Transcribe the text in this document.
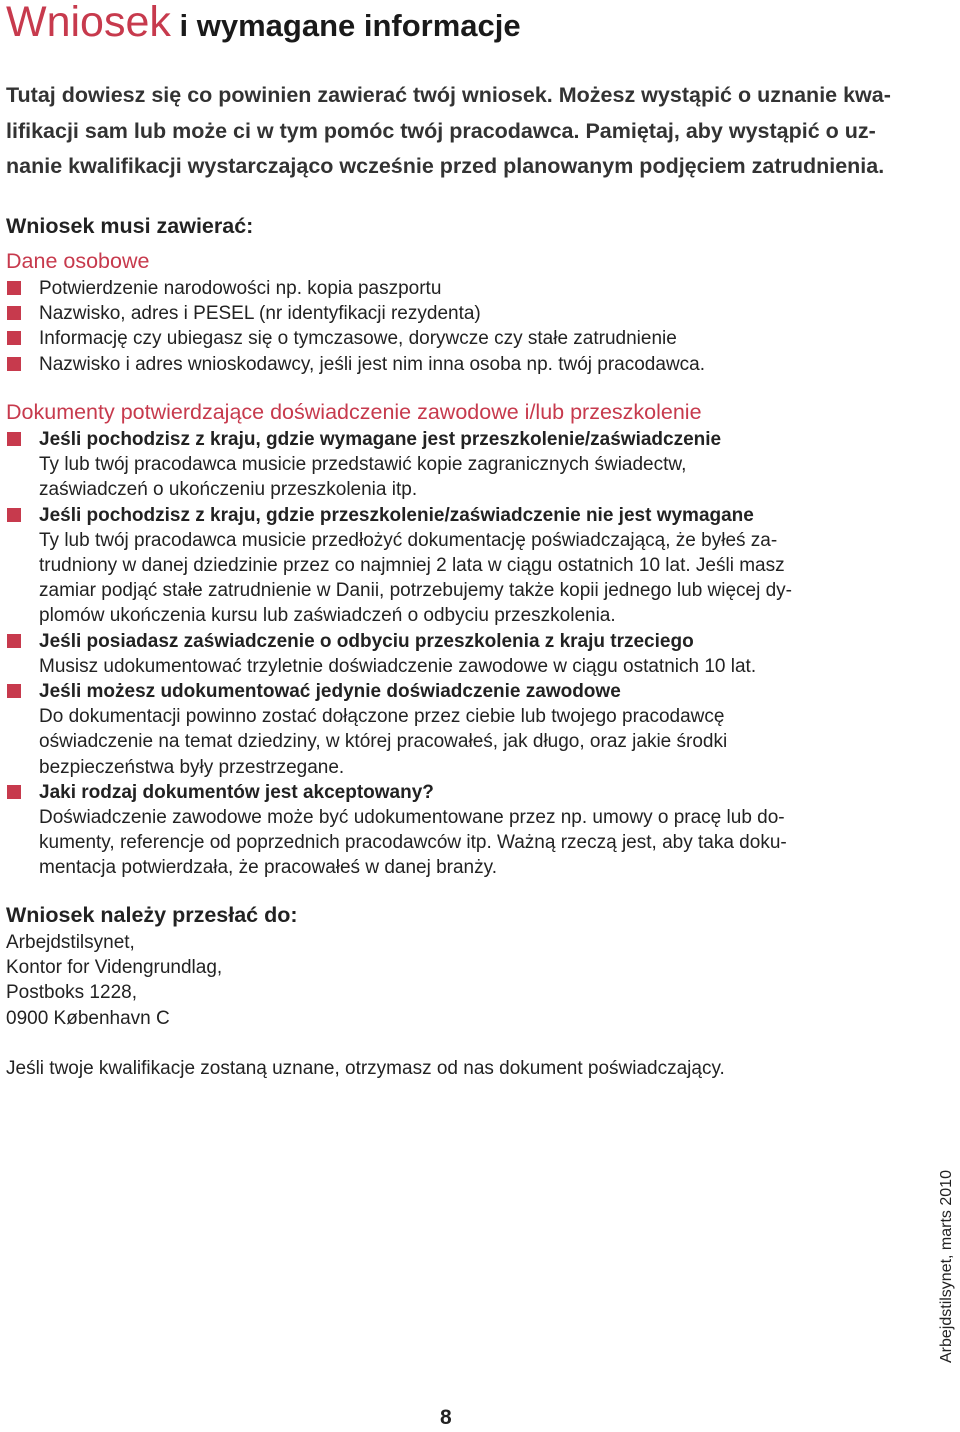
Wniosek i wymagane informacje
Tutaj dowiesz się co powinien zawierać twój wniosek. Możesz wystąpić o uznanie kwa-
lifikacji sam lub może ci w tym pomóc twój pracodawca. Pamiętaj, aby wystąpić o uz-
nanie kwalifikacji wystarczająco wcześnie przed planowanym podjęciem zatrudnienia.
Wniosek musi zawierać:
Dane osobowe
Potwierdzenie narodowości np. kopia paszportu
Nazwisko, adres i PESEL (nr identyfikacji rezydenta)
Informację czy ubiegasz się o tymczasowe, dorywcze czy stałe zatrudnienie
Nazwisko i adres wnioskodawcy, jeśli jest nim inna osoba np. twój pracodawca.
Dokumenty potwierdzające doświadczenie zawodowe i/lub przeszkolenie
Jeśli pochodzisz z kraju, gdzie wymagane jest przeszkolenie/zaświadczenie
Ty lub twój pracodawca musicie przedstawić kopie zagranicznych świadectw,
zaświadczeń o ukończeniu przeszkolenia itp.
Jeśli pochodzisz z kraju, gdzie przeszkolenie/zaświadczenie nie jest wymagane
Ty lub twój pracodawca musicie przedłożyć dokumentację poświadczającą, że byłeś za-
trudniony w danej dziedzinie przez co najmniej 2 lata w ciągu ostatnich 10 lat. Jeśli masz
zamiar podjąć stałe zatrudnienie w Danii, potrzebujemy także kopii jednego lub więcej dy-
plomów ukończenia kursu lub zaświadczeń o odbyciu przeszkolenia.
Jeśli posiadasz zaświadczenie o odbyciu przeszkolenia z kraju trzeciego
Musisz udokumentować trzyletnie doświadczenie zawodowe w ciągu ostatnich 10 lat.
Jeśli możesz udokumentować jedynie doświadczenie zawodowe
Do dokumentacji powinno zostać dołączone przez ciebie lub twojego pracodawcę
oświadczenie na temat dziedziny, w której pracowałeś, jak długo, oraz jakie środki
bezpieczeństwa były przestrzegane.
Jaki rodzaj dokumentów jest akceptowany?
Doświadczenie zawodowe może być udokumentowane przez np. umowy o pracę lub do-
kumenty, referencje od poprzednich pracodawców itp. Ważną rzeczą jest, aby taka doku-
mentacja potwierdzała, że pracowałeś w danej branży.
Wniosek należy przesłać do:
Arbejdstilsynet,
Kontor for Videngrundlag,
Postboks 1228,
0900 København C
Jeśli twoje kwalifikacje zostaną uznane, otrzymasz od nas dokument poświadczający.
Arbejdstilsynet, marts 2010
8
